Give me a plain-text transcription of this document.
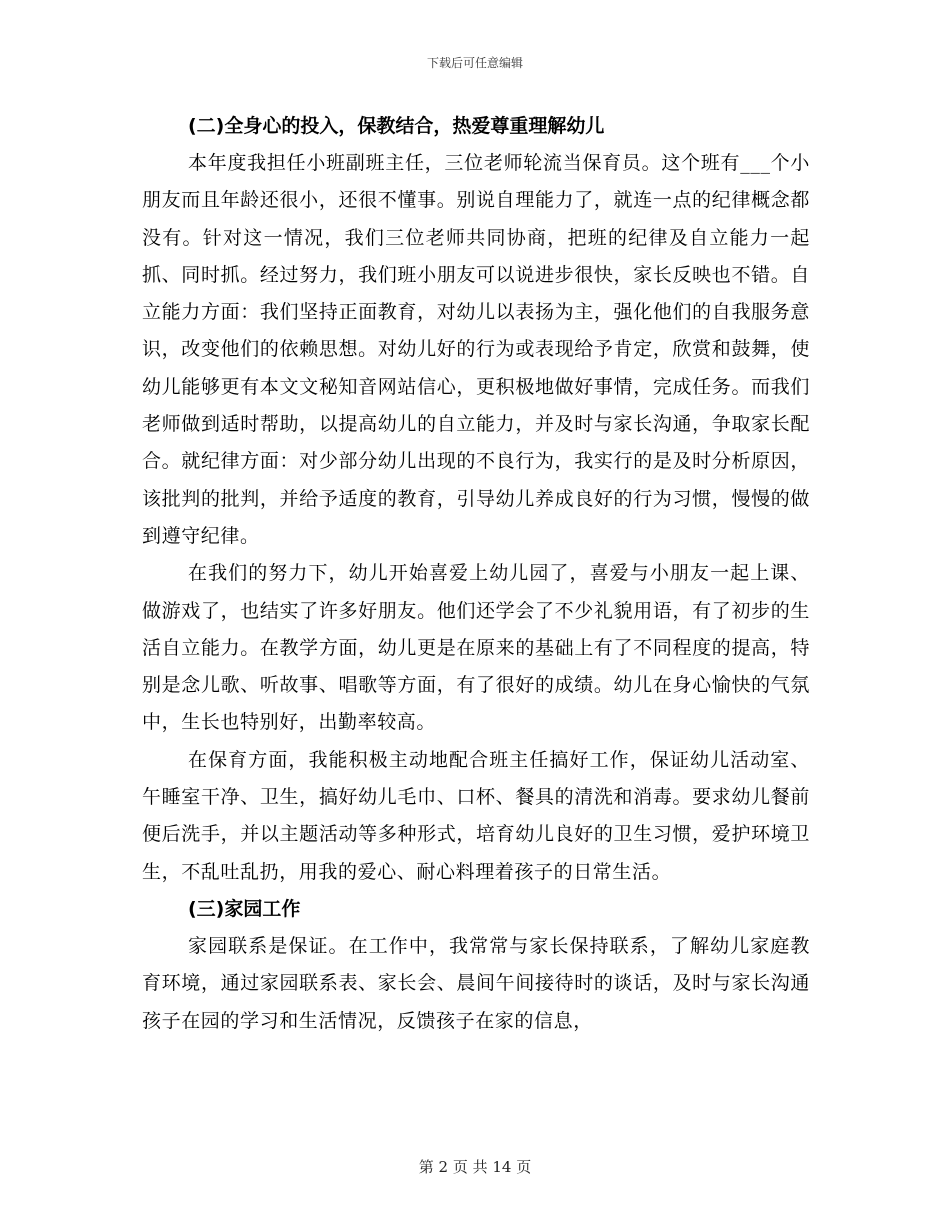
下载后可任意编辑
(二)全身心的投入，保教结合，热爱尊重理解幼儿

本年度我担任小班副班主任，三位老师轮流当保育员。这个班有___个小朋友而且年龄还很小，还很不懂事。别说自理能力了，就连一点的纪律概念都没有。针对这一情况，我们三位老师共同协商，把班的纪律及自立能力一起抓、同时抓。经过努力，我们班小朋友可以说进步很快，家长反映也不错。自立能力方面：我们坚持正面教育，对幼儿以表扬为主，强化他们的自我服务意识，改变他们的依赖思想。对幼儿好的行为或表现给予肯定，欣赏和鼓舞，使幼儿能够更有本文文秘知音网站信心，更积极地做好事情，完成任务。而我们老师做到适时帮助，以提高幼儿的自立能力，并及时与家长沟通，争取家长配合。就纪律方面：对少部分幼儿出现的不良行为，我实行的是及时分析原因，该批判的批判，并给予适度的教育，引导幼儿养成良好的行为习惯，慢慢的做到遵守纪律。

在我们的努力下，幼儿开始喜爱上幼儿园了，喜爱与小朋友一起上课、做游戏了，也结实了许多好朋友。他们还学会了不少礼貌用语，有了初步的生活自立能力。在教学方面，幼儿更是在原来的基础上有了不同程度的提高，特别是念儿歌、听故事、唱歌等方面，有了很好的成绩。幼儿在身心愉快的气氛中，生长也特别好，出勤率较高。

在保育方面，我能积极主动地配合班主任搞好工作，保证幼儿活动室、午睡室干净、卫生，搞好幼儿毛巾、口杯、餐具的清洗和消毒。要求幼儿餐前便后洗手，并以主题活动等多种形式，培育幼儿良好的卫生习惯，爱护环境卫生，不乱吐乱扔，用我的爱心、耐心料理着孩子的日常生活。

(三)家园工作

家园联系是保证。在工作中，我常常与家长保持联系，了解幼儿家庭教育环境，通过家园联系表、家长会、晨间午间接待时的谈话，及时与家长沟通孩子在园的学习和生活情况，反馈孩子在家的信息，

第 2 页 共 14 页
